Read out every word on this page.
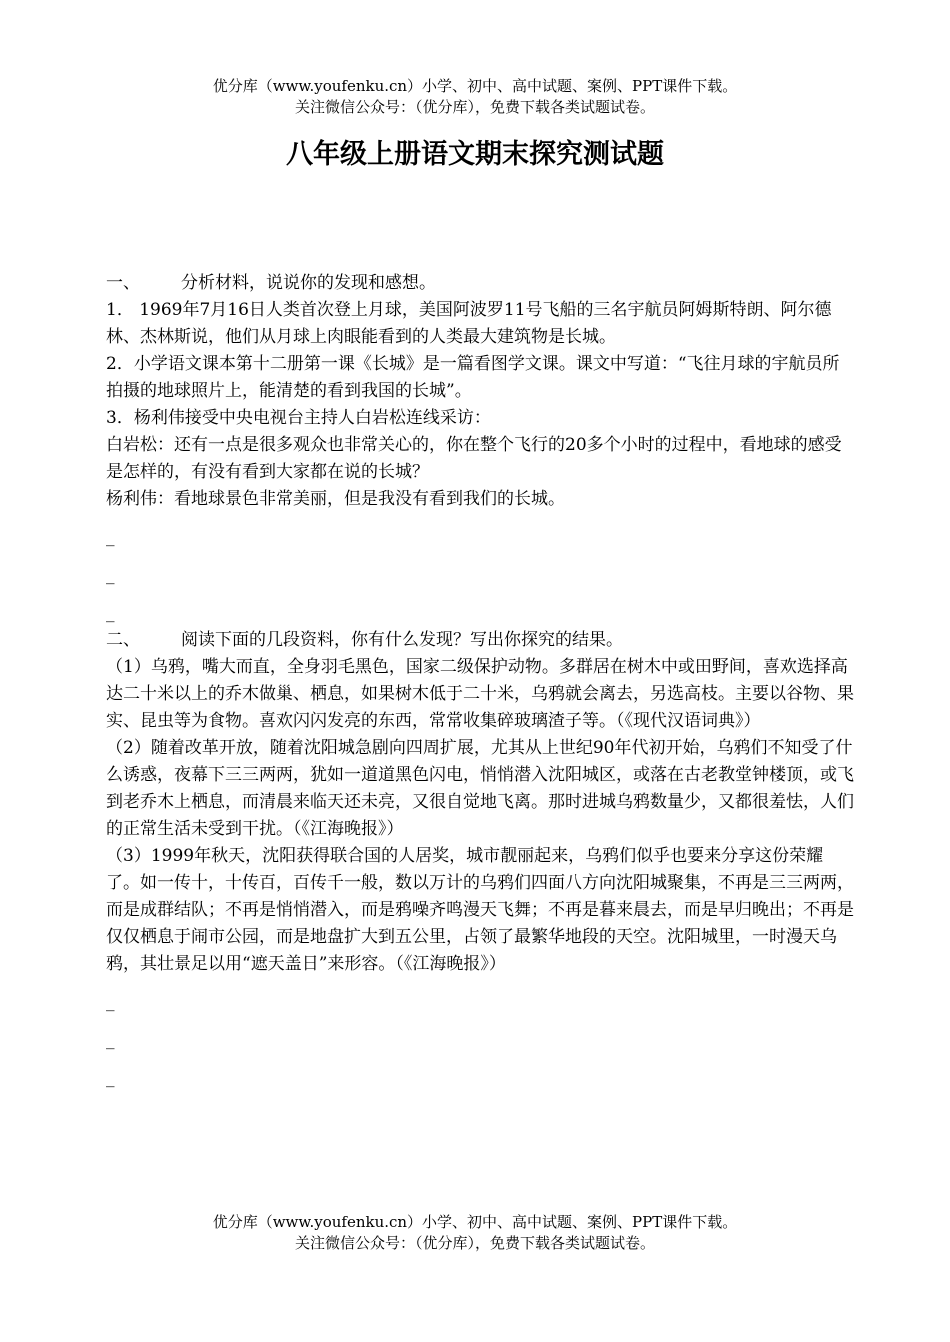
优分库（www.youfenku.cn）小学、初中、高中试题、案例、PPT课件下载。
关注微信公众号：（优分库），免费下载各类试题试卷。
八年级上册语文期末探究测试题
一、	分析材料，说说你的发现和感想。

1． 1969年7月16日人类首次登上月球，美国阿波罗11号飞船的三名宇航员阿姆斯特朗、阿尔德林、杰林斯说，他们从月球上肉眼能看到的人类最大建筑物是长城。

2．小学语文课本第十二册第一课《长城》是一篇看图学文课。课文中写道：“飞往月球的宇航员所拍摄的地球照片上，能清楚的看到我国的长城”。

3．杨利伟接受中央电视台主持人白岩松连线采访：

白岩松：还有一点是很多观众也非常关心的，你在整个飞行的20多个小时的过程中，看地球的感受是怎样的，有没有看到大家都在说的长城？

杨利伟：看地球景色非常美丽，但是我没有看到我们的长城。

_

_

_

二、	阅读下面的几段资料，你有什么发现？写出你探究的结果。

（1）乌鸦，嘴大而直，全身羽毛黑色，国家二级保护动物。多群居在树木中或田野间，喜欢选择高达二十米以上的乔木做巢、栖息，如果树木低于二十米，乌鸦就会离去，另选高枝。主要以谷物、果实、昆虫等为食物。喜欢闪闪发亮的东西，常常收集碎玻璃渣子等。（《现代汉语词典》）

（2）随着改革开放，随着沈阳城急剧向四周扩展，尤其从上世纪90年代初开始，乌鸦们不知受了什么诱惑，夜幕下三三两两，犹如一道道黑色闪电，悄悄潜入沈阳城区，或落在古老教堂钟楼顶，或飞到老乔木上栖息，而清晨来临天还未亮，又很自觉地飞离。那时进城乌鸦数量少，又都很羞怯，人们的正常生活未受到干扰。（《江海晚报》）

（3）1999年秋天，沈阳获得联合国的人居奖，城市靓丽起来，乌鸦们似乎也要来分享这份荣耀了。如一传十，十传百，百传千一般，数以万计的乌鸦们四面八方向沈阳城聚集，不再是三三两两，而是成群结队；不再是悄悄潜入，而是鸦噪齐鸣漫天飞舞；不再是暮来晨去，而是早归晚出；不再是仅仅栖息于闹市公园，而是地盘扩大到五公里，占领了最繁华地段的天空。沈阳城里，一时漫天乌鸦，其壮景足以用“遮天盖日”来形容。（《江海晚报》）

_

_

_

优分库（www.youfenku.cn）小学、初中、高中试题、案例、PPT课件下载。
关注微信公众号：（优分库），免费下载各类试题试卷。
